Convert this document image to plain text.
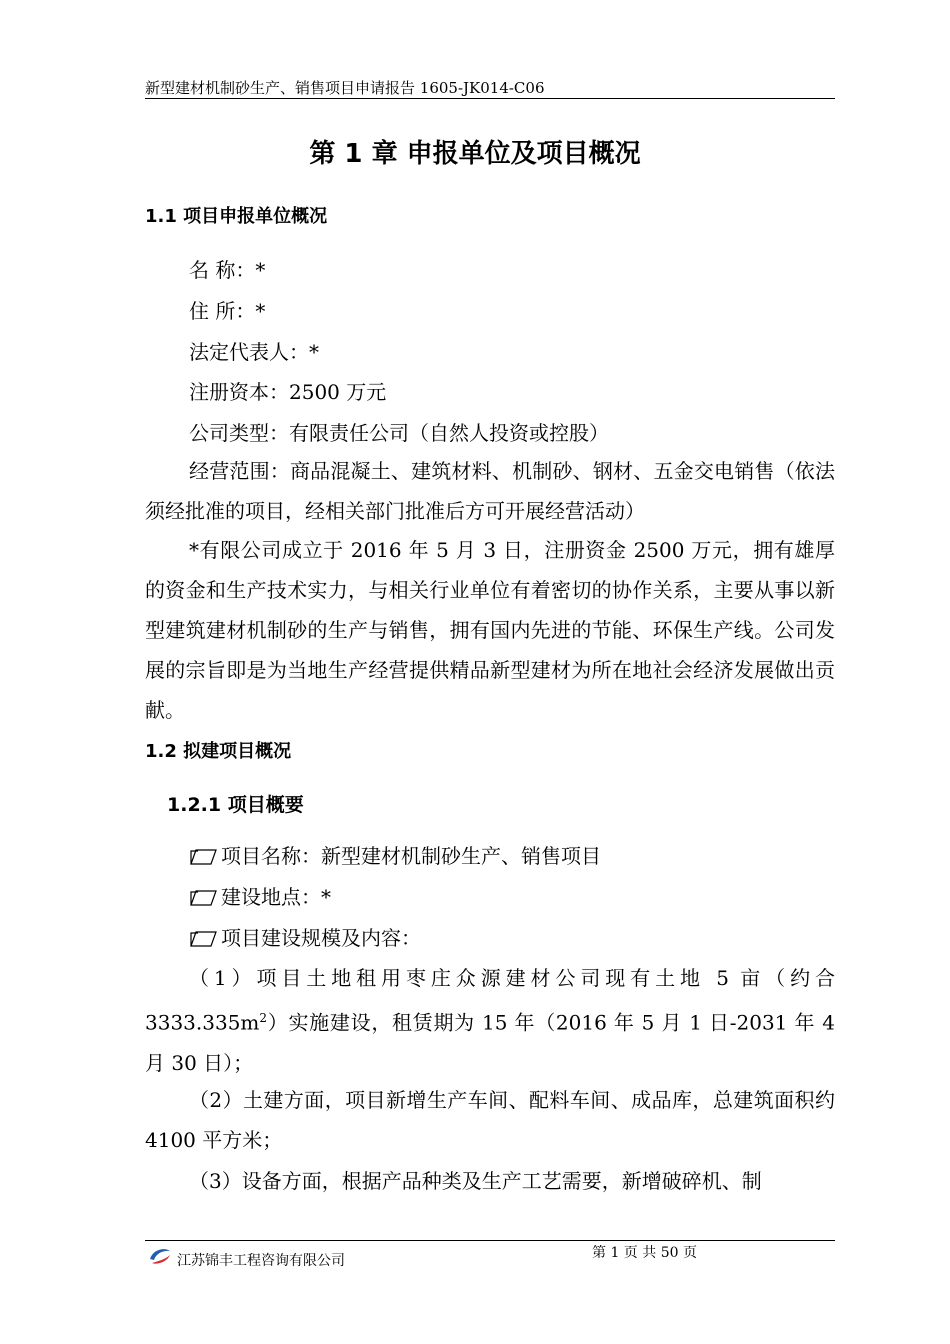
新型建材机制砂生产、销售项目申请报告 1605-JK014-C06
第 1 章 申报单位及项目概况
1.1 项目申报单位概况
名 称：*
住 所：*
法定代表人：*
注册资本：2500 万元
公司类型：有限责任公司（自然人投资或控股）
经营范围：商品混凝土、建筑材料、机制砂、钢材、五金交电销售（依法须经批准的项目，经相关部门批准后方可开展经营活动）
*有限公司成立于 2016 年 5 月 3 日，注册资金 2500 万元，拥有雄厚的资金和生产技术实力，与相关行业单位有着密切的协作关系，主要从事以新型建筑建材机制砂的生产与销售，拥有国内先进的节能、环保生产线。公司发展的宗旨即是为当地生产经营提供精品新型建材为所在地社会经济发展做出贡献。
1.2 拟建项目概况
1.2.1 项目概要
项目名称：新型建材机制砂生产、销售项目
建设地点：*
项目建设规模及内容：
（1）项目土地租用枣庄众源建材公司现有土地 5 亩（约合 $3333.335m^2$）实施建设，租赁期为 15 年（2016 年 5 月 1 日-2031 年 4 月 30 日）；
（2）土建方面，项目新增生产车间、配料车间、成品库，总建筑面积约 4100 平方米；
（3）设备方面，根据产品种类及生产工艺需要，新增破碎机、制
江苏锦丰工程咨询有限公司	第 1 页 共 50 页
